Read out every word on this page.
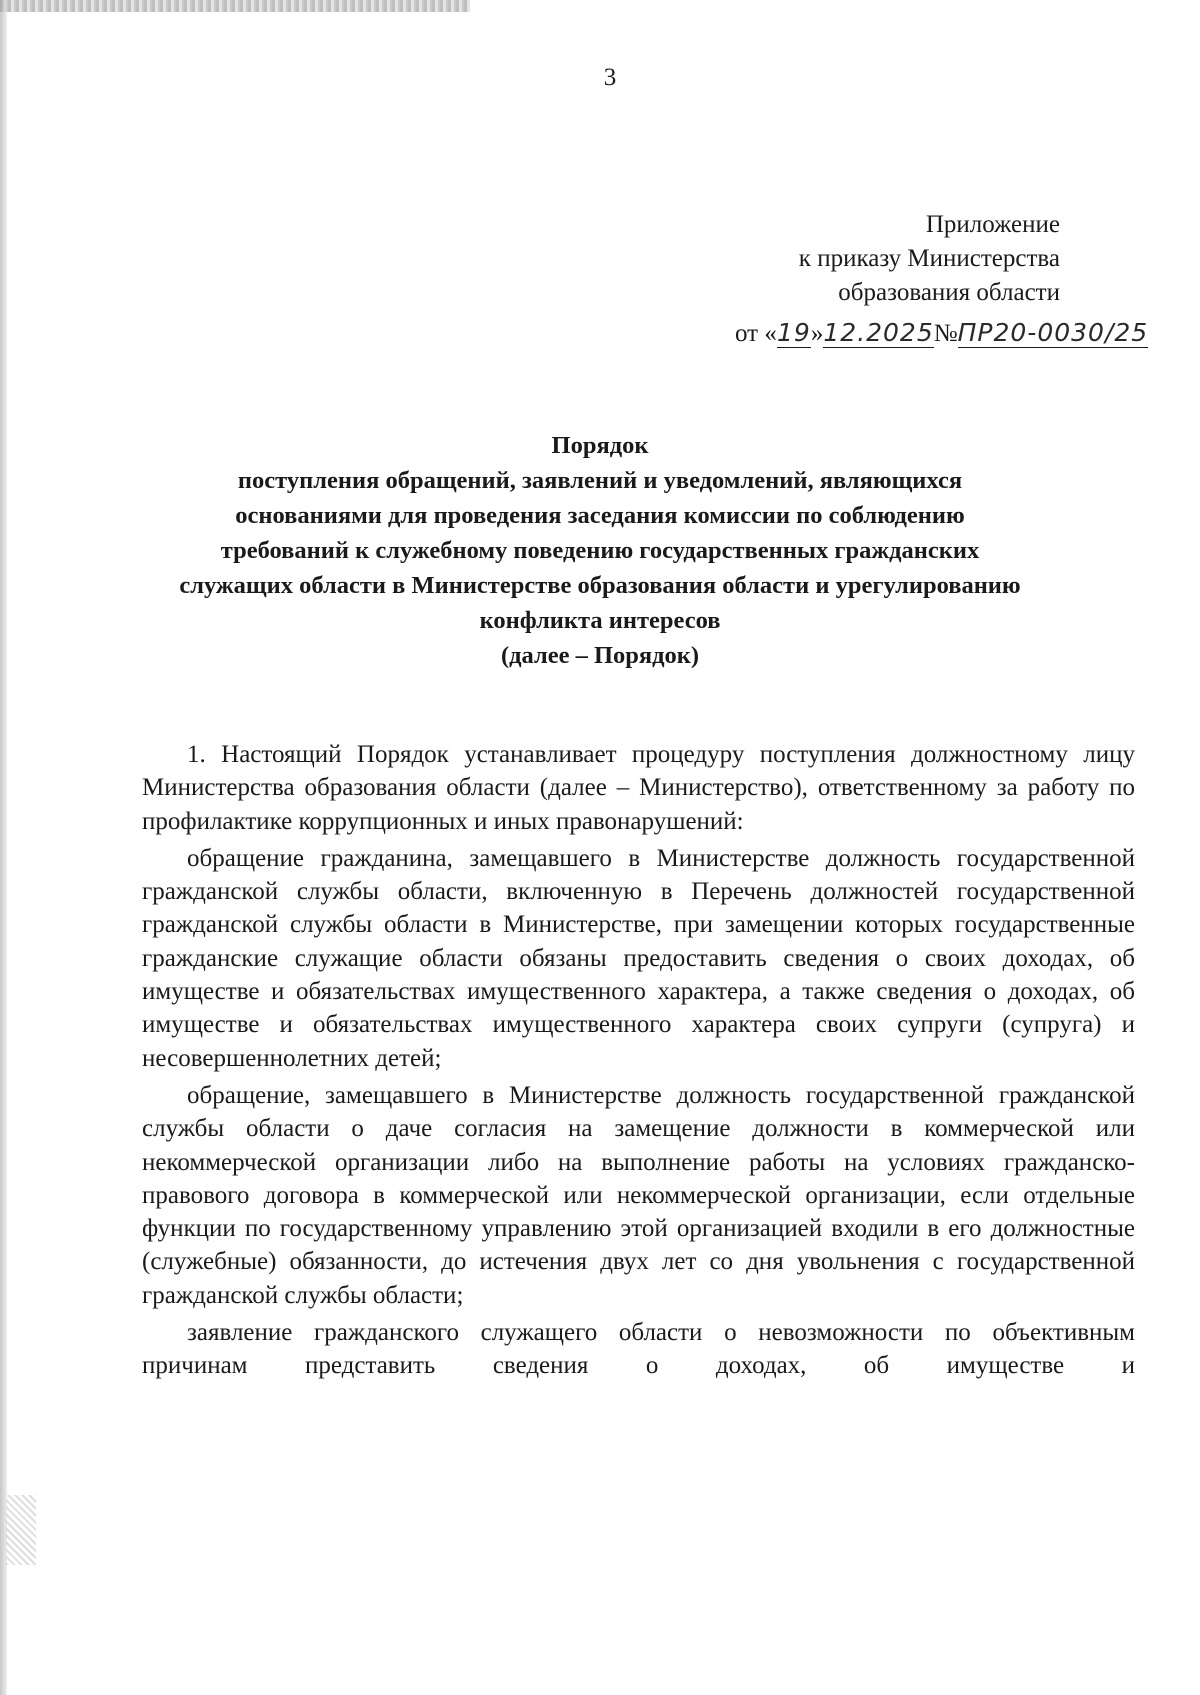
3
Приложение
к приказу Министерства
образования области
от «19»12.2025№ПР20-0030/25
Порядок
поступления обращений, заявлений и уведомлений, являющихся
основаниями для проведения заседания комиссии по соблюдению
требований к служебному поведению государственных гражданских
служащих области в Министерстве образования области и урегулированию
конфликта интересов
(далее – Порядок)

1. Настоящий Порядок устанавливает процедуру поступления должностному лицу Министерства образования области (далее – Министерство), ответственному за работу по профилактике коррупционных и иных правонарушений:

обращение гражданина, замещавшего в Министерстве должность государственной гражданской службы области, включенную в Перечень должностей государственной гражданской службы области в Министерстве, при замещении которых государственные гражданские служащие области обязаны предоставить сведения о своих доходах, об имуществе и обязательствах имущественного характера, а также сведения о доходах, об имуществе и обязательствах имущественного характера своих супруги (супруга) и несовершеннолетних детей;

обращение, замещавшего в Министерстве должность государственной гражданской службы области о даче согласия на замещение должности в коммерческой или некоммерческой организации либо на выполнение работы на условиях гражданско-правового договора в коммерческой или некоммерческой организации, если отдельные функции по государственному управлению этой организацией входили в его должностные (служебные) обязанности, до истечения двух лет со дня увольнения с государственной гражданской службы области;

заявление гражданского служащего области о невозможности по объективным причинам представить сведения о доходах, об имуществе и
